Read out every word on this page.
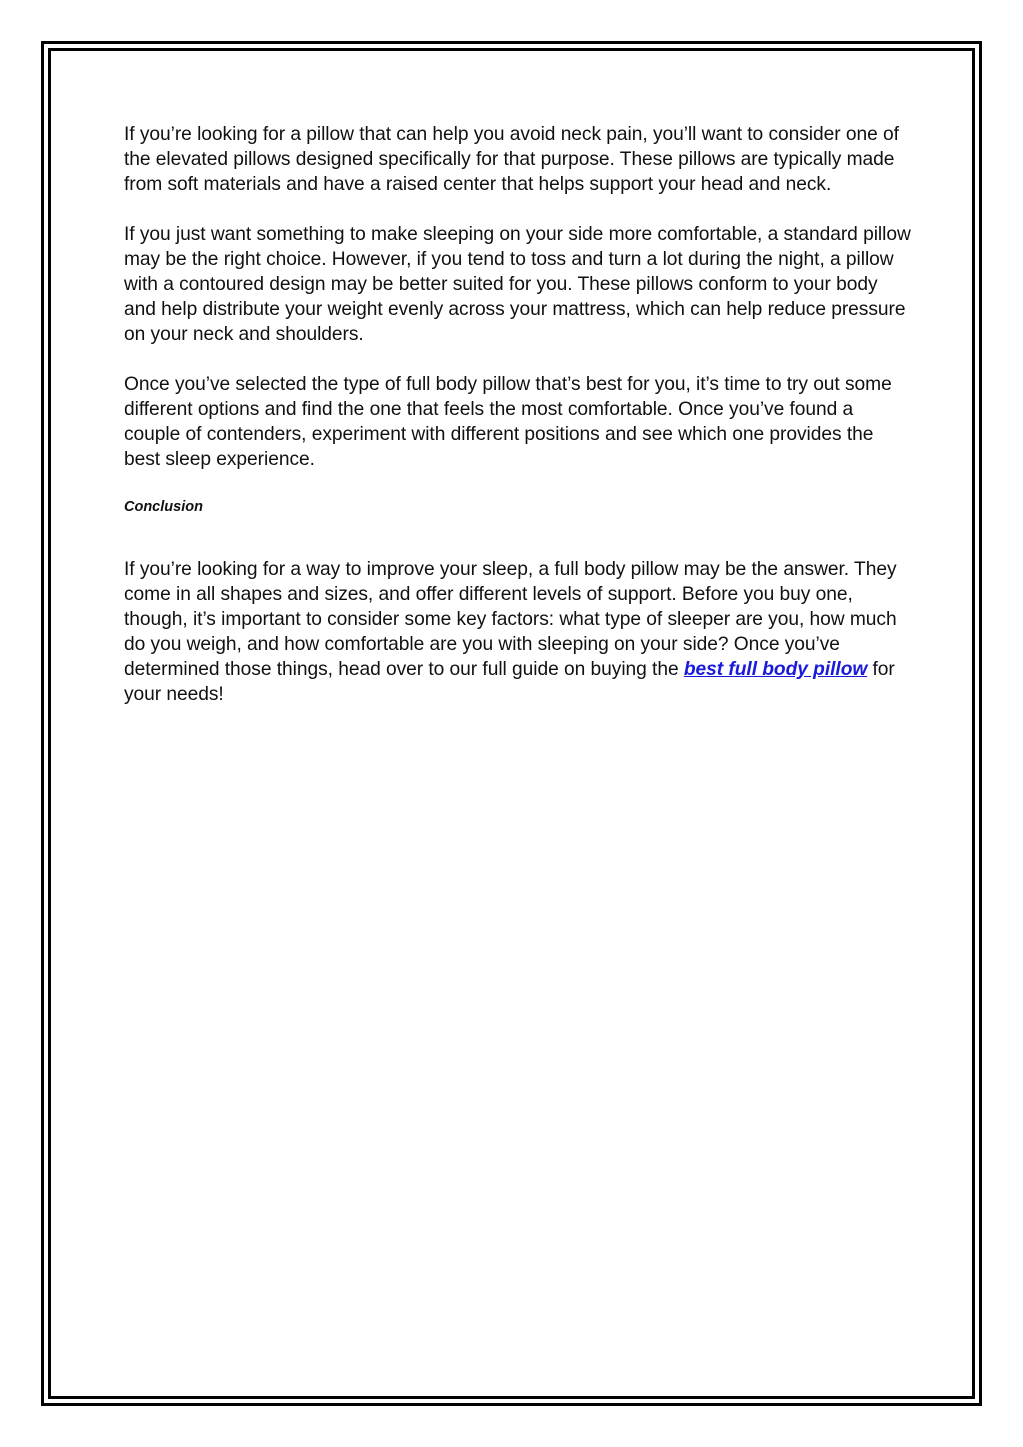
If you’re looking for a pillow that can help you avoid neck pain, you’ll want to consider one of the elevated pillows designed specifically for that purpose. These pillows are typically made from soft materials and have a raised center that helps support your head and neck.

If you just want something to make sleeping on your side more comfortable, a standard pillow may be the right choice. However, if you tend to toss and turn a lot during the night, a pillow with a contoured design may be better suited for you. These pillows conform to your body and help distribute your weight evenly across your mattress, which can help reduce pressure on your neck and shoulders.

Once you’ve selected the type of full body pillow that’s best for you, it’s time to try out some different options and find the one that feels the most comfortable. Once you’ve found a couple of contenders, experiment with different positions and see which one provides the best sleep experience.

Conclusion

If you’re looking for a way to improve your sleep, a full body pillow may be the answer. They come in all shapes and sizes, and offer different levels of support. Before you buy one, though, it’s important to consider some key factors: what type of sleeper are you, how much do you weigh, and how comfortable are you with sleeping on your side? Once you’ve determined those things, head over to our full guide on buying the best full body pillow for your needs!
